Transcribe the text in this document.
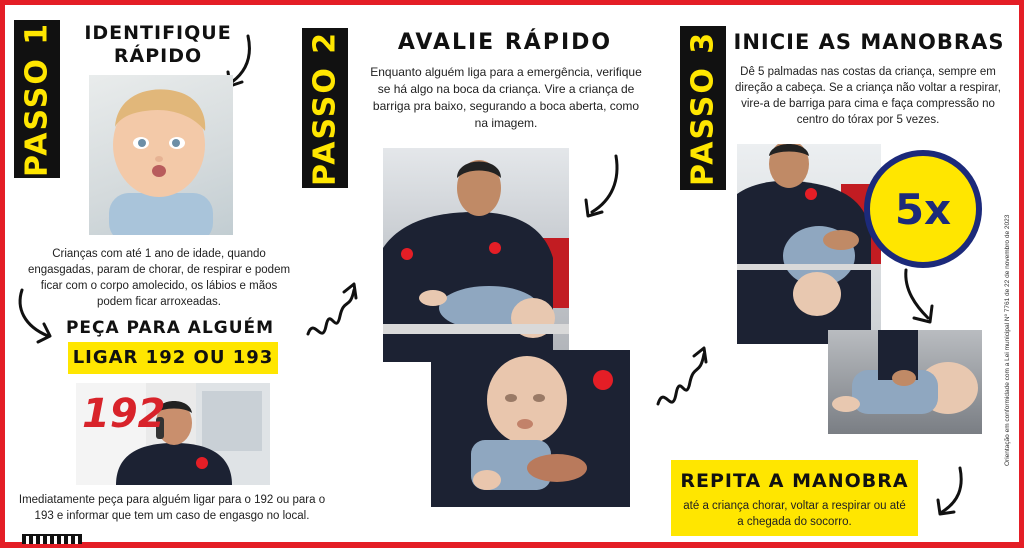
PASSO 1	IDENTIFIQUE
RÁPIDO
Crianças com até 1 ano de idade, quando engasgadas, param de chorar, de respirar e podem ficar com o corpo amolecido, os lábios e mãos podem ficar arroxeadas.
PEÇA PARA ALGUÉM
LIGAR 192 OU 193
192
Imediatamente peça para alguém ligar para o 192 ou para o 193 e informar que tem um caso de engasgo no local.
PASSO 2	AVALIE RÁPIDO
Enquanto alguém liga para a emergência, verifique se há algo na boca da criança. Vire a criança de barriga pra baixo, segurando a boca aberta, como na imagem.	PASSO 3 INICIE AS MANOBRAS
Dê 5 palmadas nas costas da criança, sempre em direção a cabeça. Se a criança não voltar a respirar, vire-a de barriga para cima e faça compressão no centro do tórax por 5 vezes.
5x
REPITA A MANOBRA
até a criança chorar, voltar a respirar ou até a chegada do socorro.
Orientação em conformidade com a Lei municipal Nº 7761 de 22 de novembro de 2023
